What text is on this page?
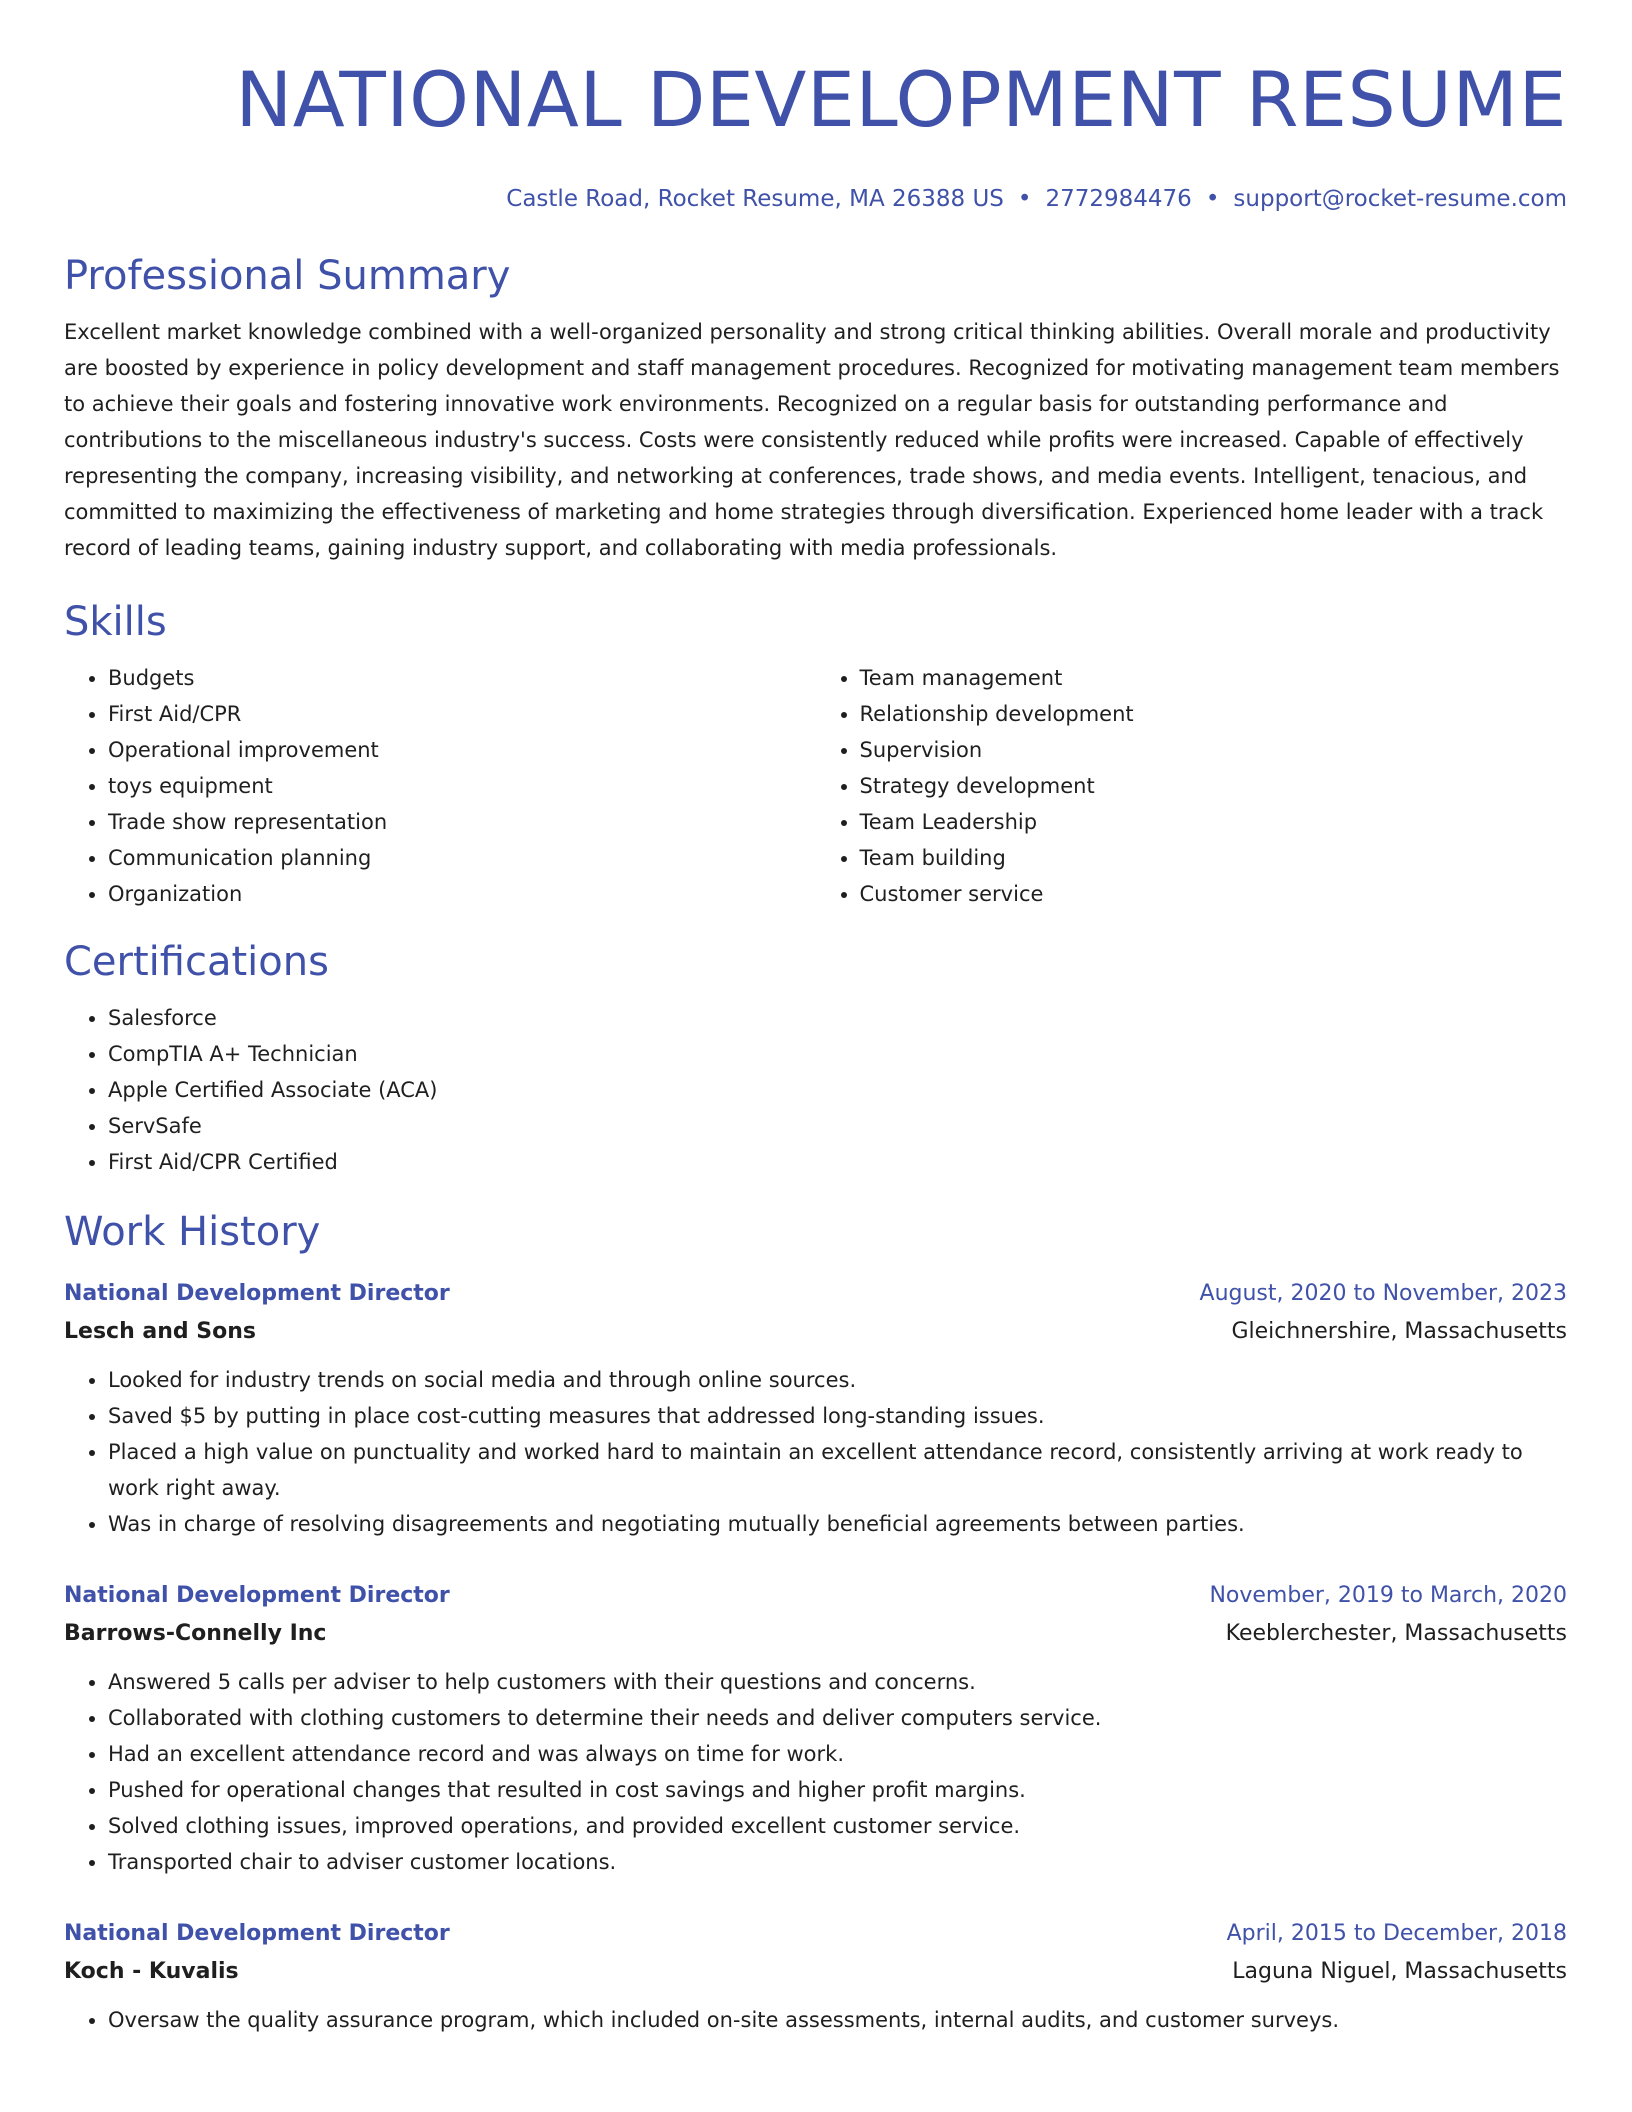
NATIONAL DEVELOPMENT RESUME
Castle Road, Rocket Resume, MA 26388 US • 2772984476 • support@rocket-resume.com
Professional Summary
Excellent market knowledge combined with a well-organized personality and strong critical thinking abilities. Overall morale and productivity are boosted by experience in policy development and staff management procedures. Recognized for motivating management team members to achieve their goals and fostering innovative work environments. Recognized on a regular basis for outstanding performance and contributions to the miscellaneous industry's success. Costs were consistently reduced while profits were increased. Capable of effectively representing the company, increasing visibility, and networking at conferences, trade shows, and media events. Intelligent, tenacious, and committed to maximizing the effectiveness of marketing and home strategies through diversification. Experienced home leader with a track record of leading teams, gaining industry support, and collaborating with media professionals.
Skills
• Budgets
• First Aid/CPR
• Operational improvement
• toys equipment
• Trade show representation
• Communication planning
• Organization
• Team management
• Relationship development
• Supervision
• Strategy development
• Team Leadership
• Team building
• Customer service
Certifications
• Salesforce
• CompTIA A+ Technician
• Apple Certified Associate (ACA)
• ServSafe
• First Aid/CPR Certified
Work History
National Development Director	August, 2020 to November, 2023
Lesch and Sons	Gleichnershire, Massachusetts
• Looked for industry trends on social media and through online sources.
• Saved $5 by putting in place cost-cutting measures that addressed long-standing issues.
• Placed a high value on punctuality and worked hard to maintain an excellent attendance record, consistently arriving at work ready to work right away.
• Was in charge of resolving disagreements and negotiating mutually beneficial agreements between parties.
National Development Director	November, 2019 to March, 2020
Barrows-Connelly Inc	Keeblerchester, Massachusetts
• Answered 5 calls per adviser to help customers with their questions and concerns.
• Collaborated with clothing customers to determine their needs and deliver computers service.
• Had an excellent attendance record and was always on time for work.
• Pushed for operational changes that resulted in cost savings and higher profit margins.
• Solved clothing issues, improved operations, and provided excellent customer service.
• Transported chair to adviser customer locations.
National Development Director	April, 2015 to December, 2018
Koch - Kuvalis	Laguna Niguel, Massachusetts
• Oversaw the quality assurance program, which included on-site assessments, internal audits, and customer surveys.
